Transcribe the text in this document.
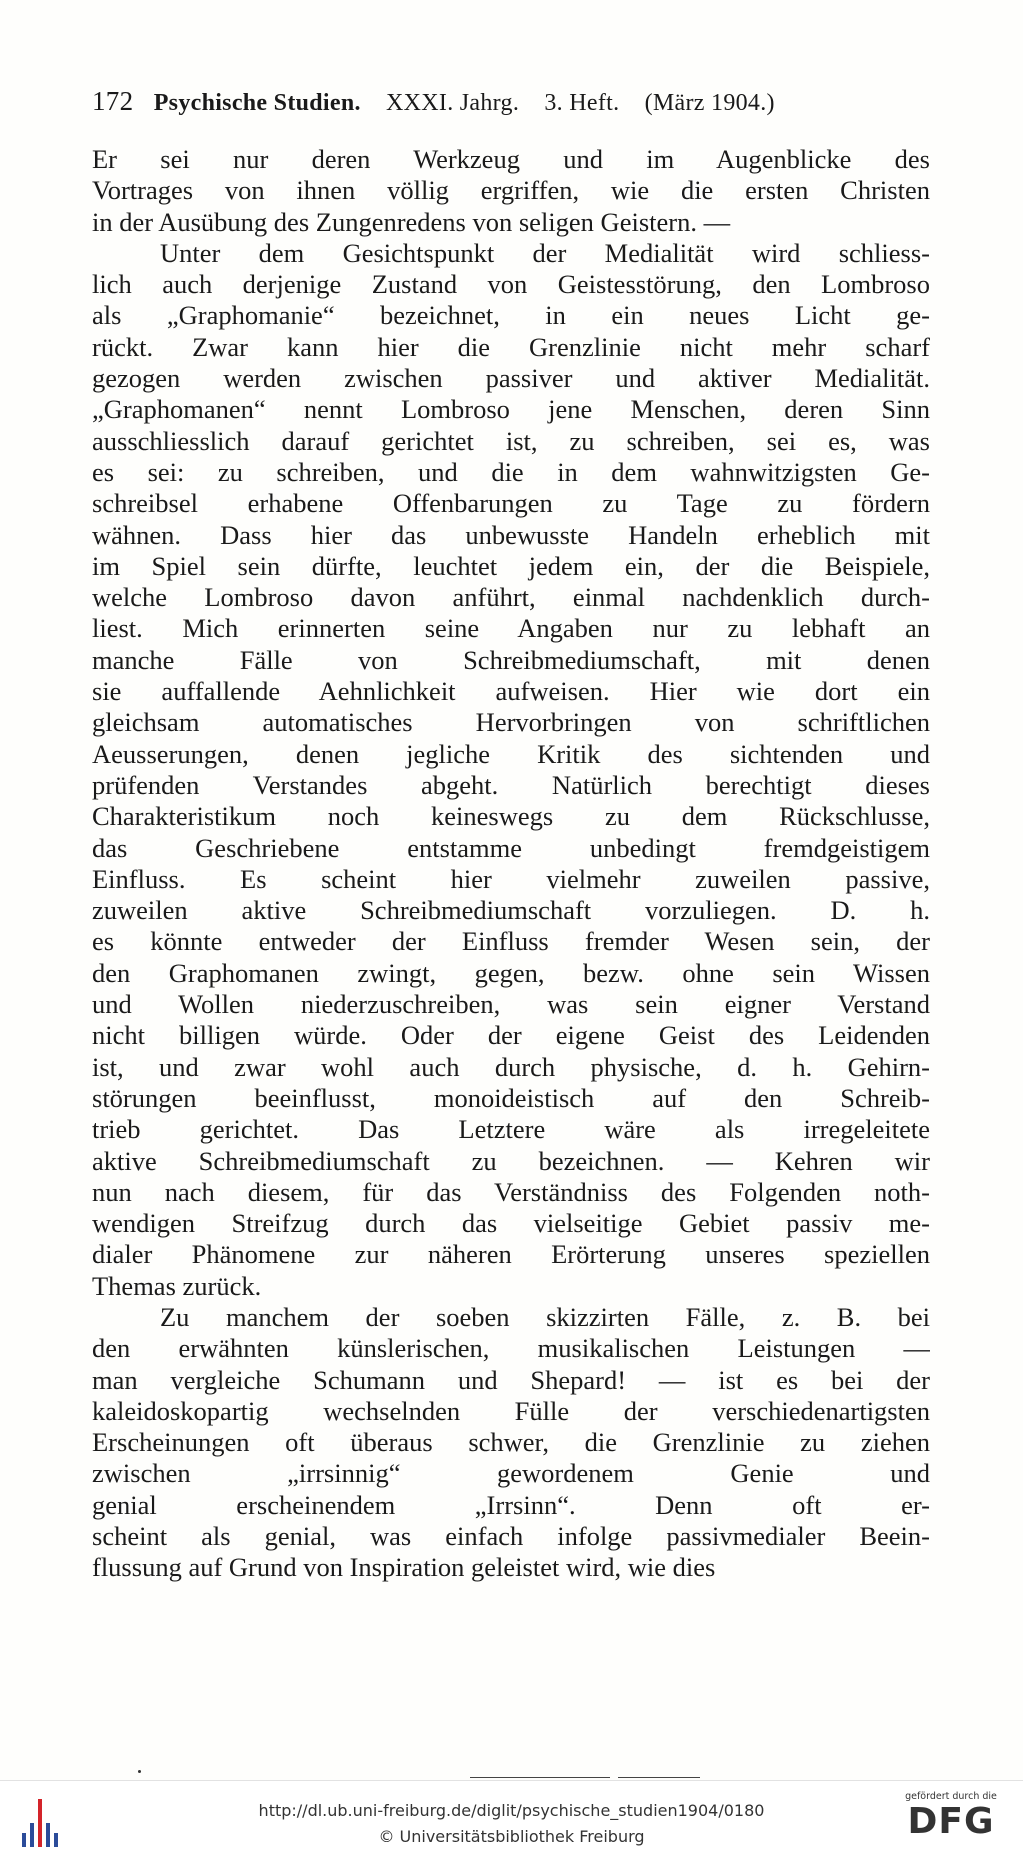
172 Psychische Studien. XXXI. Jahrg. 3. Heft. (März 1904.)
Er sei nur deren Werkzeug und im Augenblicke des
Vortrages von ihnen völlig ergriffen, wie die ersten Christen
in der Ausübung des Zungenredens von seligen Geistern. —
Unter dem Gesichtspunkt der Medialität wird schliess-
lich auch derjenige Zustand von Geistesstörung, den Lombroso
als „Graphomanie“ bezeichnet, in ein neues Licht ge-
rückt. Zwar kann hier die Grenzlinie nicht mehr scharf
gezogen werden zwischen passiver und aktiver Medialität.
„Graphomanen“ nennt Lombroso jene Menschen, deren Sinn
ausschliesslich darauf gerichtet ist, zu schreiben, sei es, was
es sei: zu schreiben, und die in dem wahnwitzigsten Ge-
schreibsel erhabene Offenbarungen zu Tage zu fördern
wähnen. Dass hier das unbewusste Handeln erheblich mit
im Spiel sein dürfte, leuchtet jedem ein, der die Beispiele,
welche Lombroso davon anführt, einmal nachdenklich durch-
liest. Mich erinnerten seine Angaben nur zu lebhaft an
manche Fälle von Schreibmediumschaft, mit denen
sie auffallende Aehnlichkeit aufweisen. Hier wie dort ein
gleichsam automatisches Hervorbringen von schriftlichen
Aeusserungen, denen jegliche Kritik des sichtenden und
prüfenden Verstandes abgeht. Natürlich berechtigt dieses
Charakteristikum noch keineswegs zu dem Rückschlusse,
das Geschriebene entstamme unbedingt fremdgeistigem
Einfluss. Es scheint hier vielmehr zuweilen passive,
zuweilen aktive Schreibmediumschaft vorzuliegen. D. h.
es könnte entweder der Einfluss fremder Wesen sein, der
den Graphomanen zwingt, gegen, bezw. ohne sein Wissen
und Wollen niederzuschreiben, was sein eigner Verstand
nicht billigen würde. Oder der eigene Geist des Leidenden
ist, und zwar wohl auch durch physische, d. h. Gehirn-
störungen beeinflusst, monoideistisch auf den Schreib-
trieb gerichtet. Das Letztere wäre als irregeleitete
aktive Schreibmediumschaft zu bezeichnen. — Kehren wir
nun nach diesem, für das Verständniss des Folgenden noth-
wendigen Streifzug durch das vielseitige Gebiet passiv me-
dialer Phänomene zur näheren Erörterung unseres speziellen
Themas zurück.
Zu manchem der soeben skizzirten Fälle, z. B. bei
den erwähnten künslerischen, musikalischen Leistungen —
man vergleiche Schumann und Shepard! — ist es bei der
kaleidoskopartig wechselnden Fülle der verschiedenartigsten
Erscheinungen oft überaus schwer, die Grenzlinie zu ziehen
zwischen „irrsinnig“ gewordenem Genie und
genial erscheinendem „Irrsinn“. Denn oft er-
scheint als genial, was einfach infolge passivmedialer Beein-
flussung auf Grund von Inspiration geleistet wird, wie dies
http://dl.ub.uni-freiburg.de/diglit/psychische_studien1904/0180
© Universitätsbibliothek Freiburg
gefördert durch die
DFG
